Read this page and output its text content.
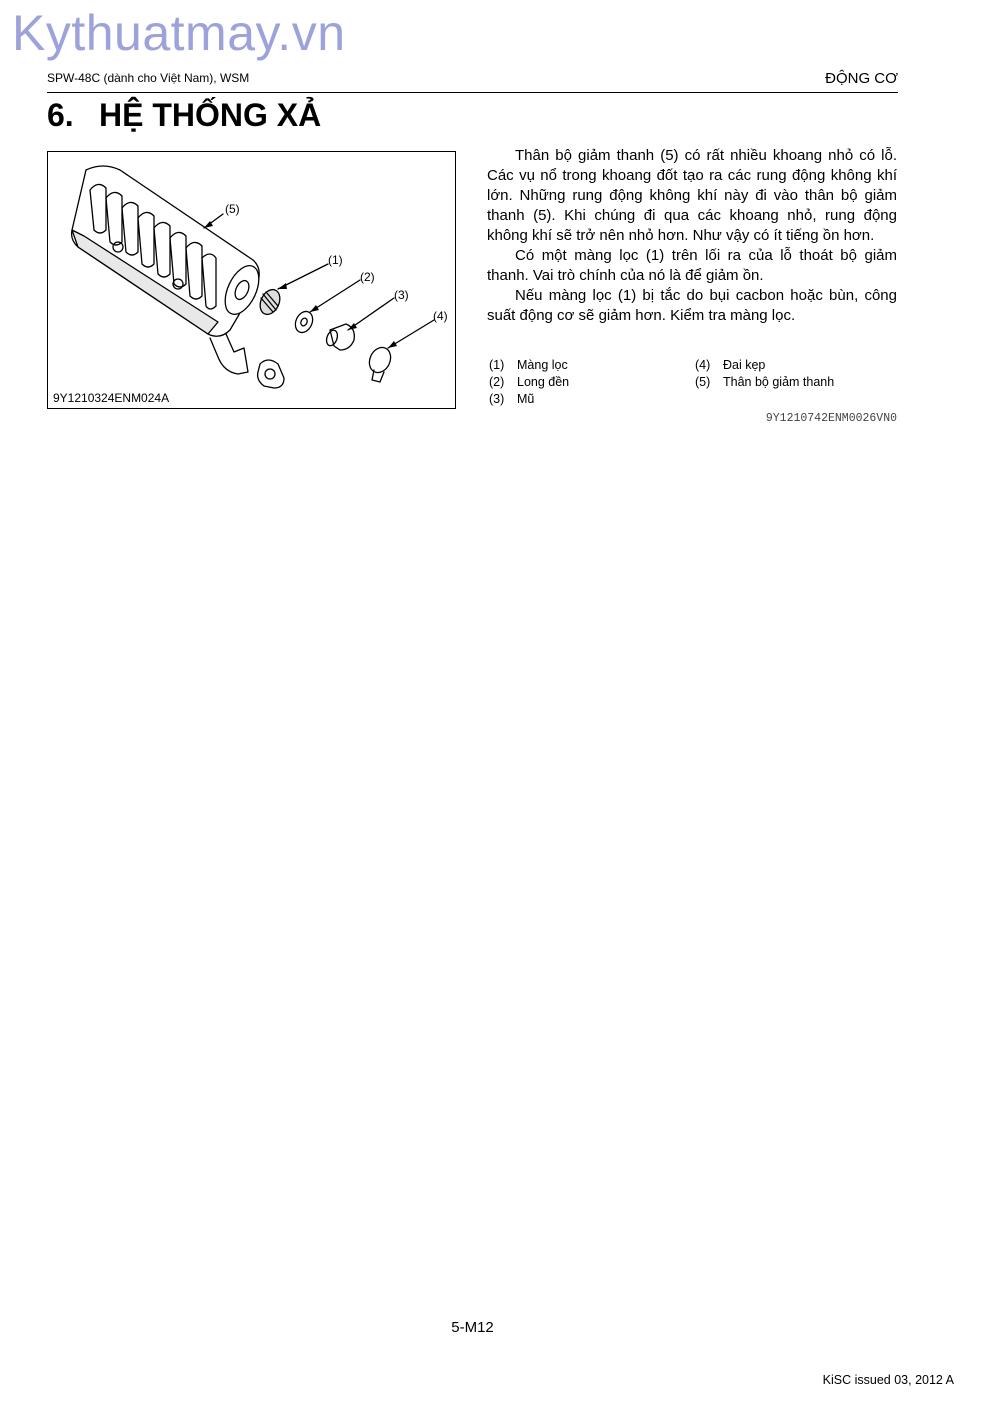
Kythuatmay.vn
SPW-48C (dành cho Việt Nam), WSM	ĐỘNG CƠ
6. HỆ THỐNG XẢ
(5)
(1)
(2)
(3)
(4)
9Y1210324ENM024A

Thân bộ giảm thanh (5) có rất nhiều khoang nhỏ có lỗ. Các vụ nổ trong khoang đốt tạo ra các rung động không khí lớn. Những rung động không khí này đi vào thân bộ giảm thanh (5). Khi chúng đi qua các khoang nhỏ, rung động không khí sẽ trở nên nhỏ hơn. Như vậy có ít tiếng ồn hơn.

Có một màng lọc (1) trên lối ra của lỗ thoát bộ giảm thanh. Vai trò chính của nó là để giảm ồn.

Nếu màng lọc (1) bị tắc do bụi cacbon hoặc bùn, công suất động cơ sẽ giảm hơn. Kiểm tra màng lọc.

(1) Màng lọc
(2) Long đền
(3) Mũ
(4) Đai kẹp
(5) Thân bộ giảm thanh
9Y1210742ENM0026VN0
5-M12
KiSC issued 03, 2012 A
